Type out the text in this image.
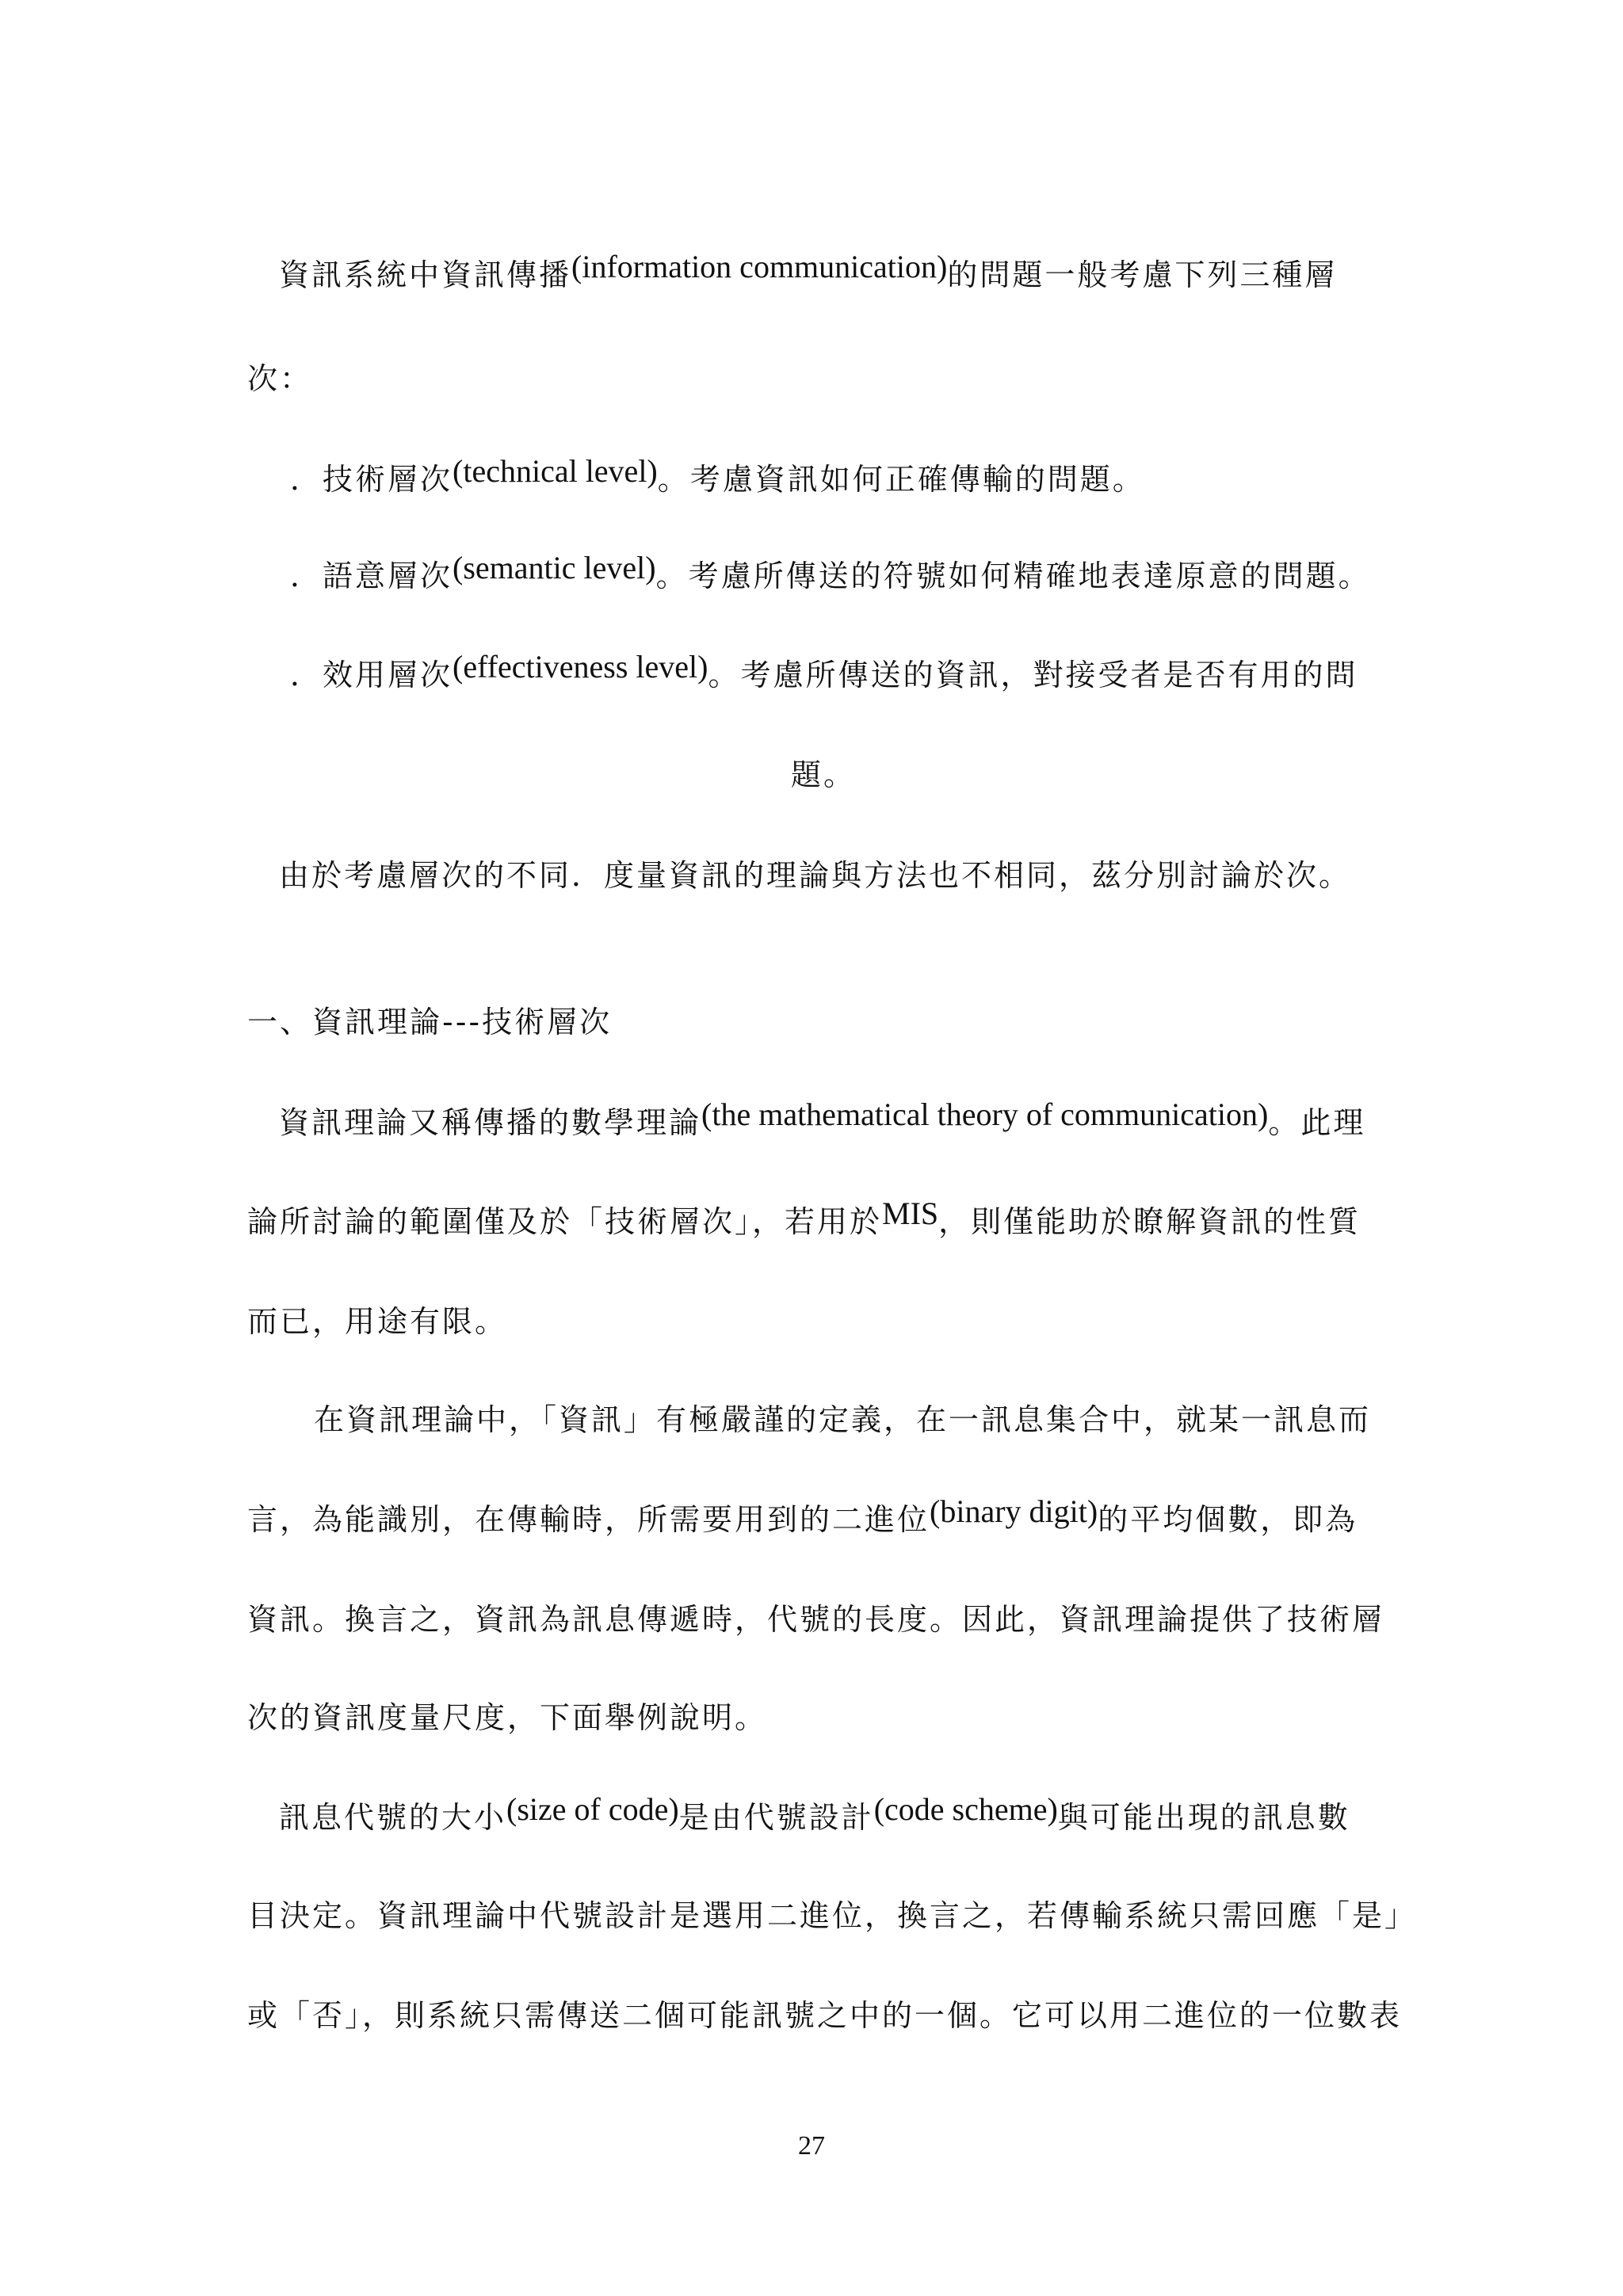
資訊系統中資訊傳播(information communication)的問題一般考慮下列三種層
次：
．技術層次(technical level)。考慮資訊如何正確傳輸的問題。
．語意層次(semantic level)。考慮所傳送的符號如何精確地表達原意的問題。
．效用層次(effectiveness level)。考慮所傳送的資訊，對接受者是否有用的問
題。
由於考慮層次的不同．度量資訊的理論與方法也不相同，茲分別討論於次。
一、資訊理論---技術層次
資訊理論又稱傳播的數學理論(the mathematical theory of communication)。此理
論所討論的範圍僅及於「技術層次」，若用於MIS，則僅能助於瞭解資訊的性質
而已，用途有限。
在資訊理論中，「資訊」有極嚴謹的定義，在一訊息集合中，就某一訊息而
言，為能識別，在傳輸時，所需要用到的二進位(binary digit)的平均個數，即為
資訊。換言之，資訊為訊息傳遞時，代號的長度。因此，資訊理論提供了技術層
次的資訊度量尺度，下面舉例說明。
訊息代號的大小(size of code)是由代號設計(code scheme)與可能出現的訊息數
目決定。資訊理論中代號設計是選用二進位，換言之，若傳輸系統只需回應「是」
或「否」，則系統只需傳送二個可能訊號之中的一個。它可以用二進位的一位數表
27
